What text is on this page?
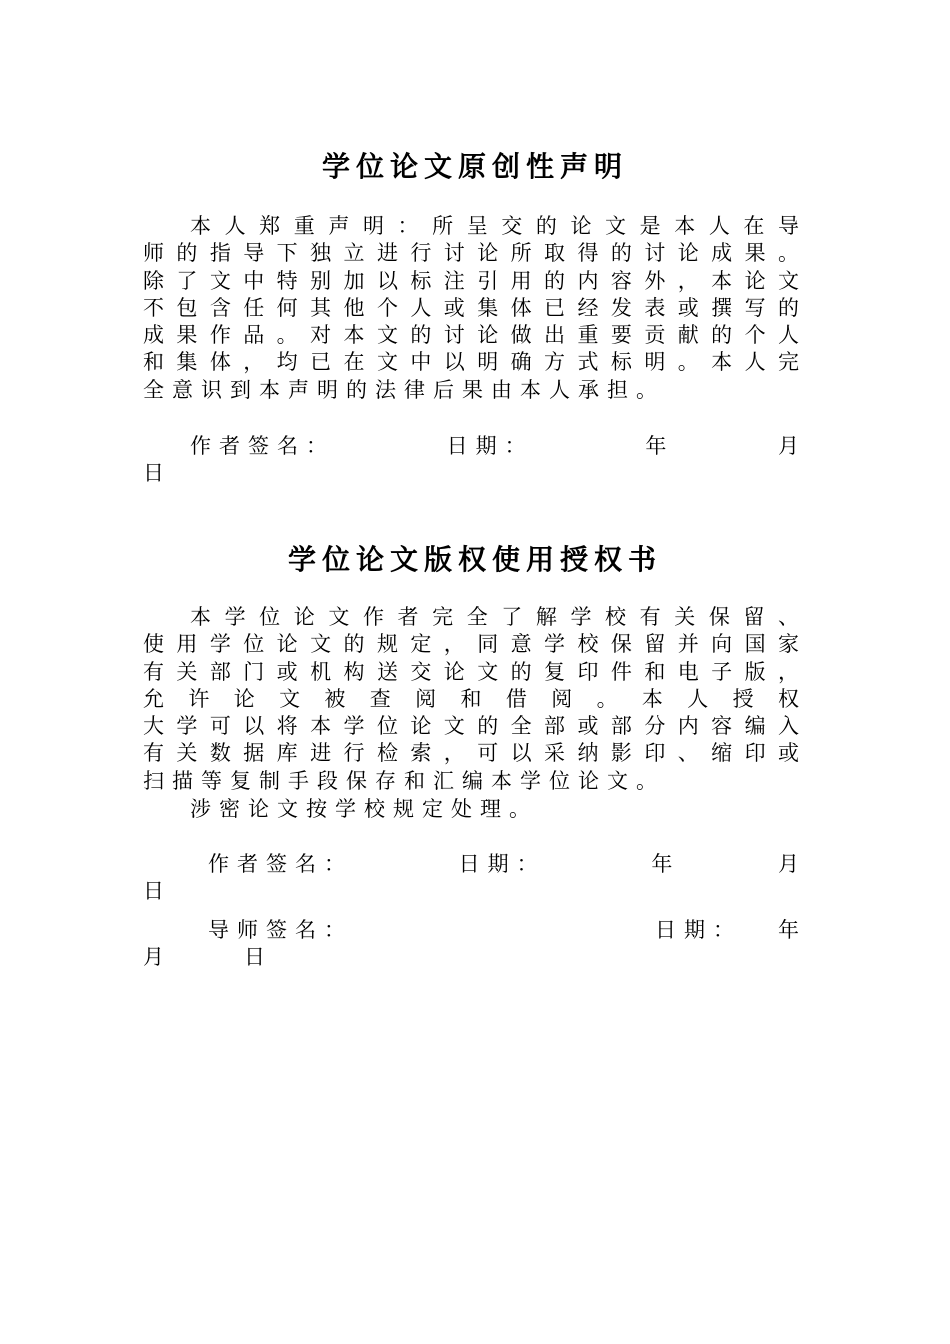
学位论文原创性声明
本人郑重声明：所呈交的论文是本人在导
师的指导下独立进行讨论所取得的讨论成果。
除了文中特别加以标注引用的内容外，本论文
不包含任何其他个人或集体已经发表或撰写的
成果作品。对本文的讨论做出重要贡献的个人
和集体，均已在文中以明确方式标明。本人完
全意识到本声明的法律后果由本人承担。
作者签名：	日期：	年	月
日
学位论文版权使用授权书
本学位论文作者完全了解学校有关保留、
使用学位论文的规定，同意学校保留并向国家
有关部门或机构送交论文的复印件和电子版，
允许论文被查阅和借阅。本人授权
大学可以将本学位论文的全部或部分内容编入
有关数据库进行检索，可以采纳影印、缩印或
扫描等复制手段保存和汇编本学位论文。
涉密论文按学校规定处理。
作者签名：	日期：	年	月
日
导师签名：	日期： 年
月	日
